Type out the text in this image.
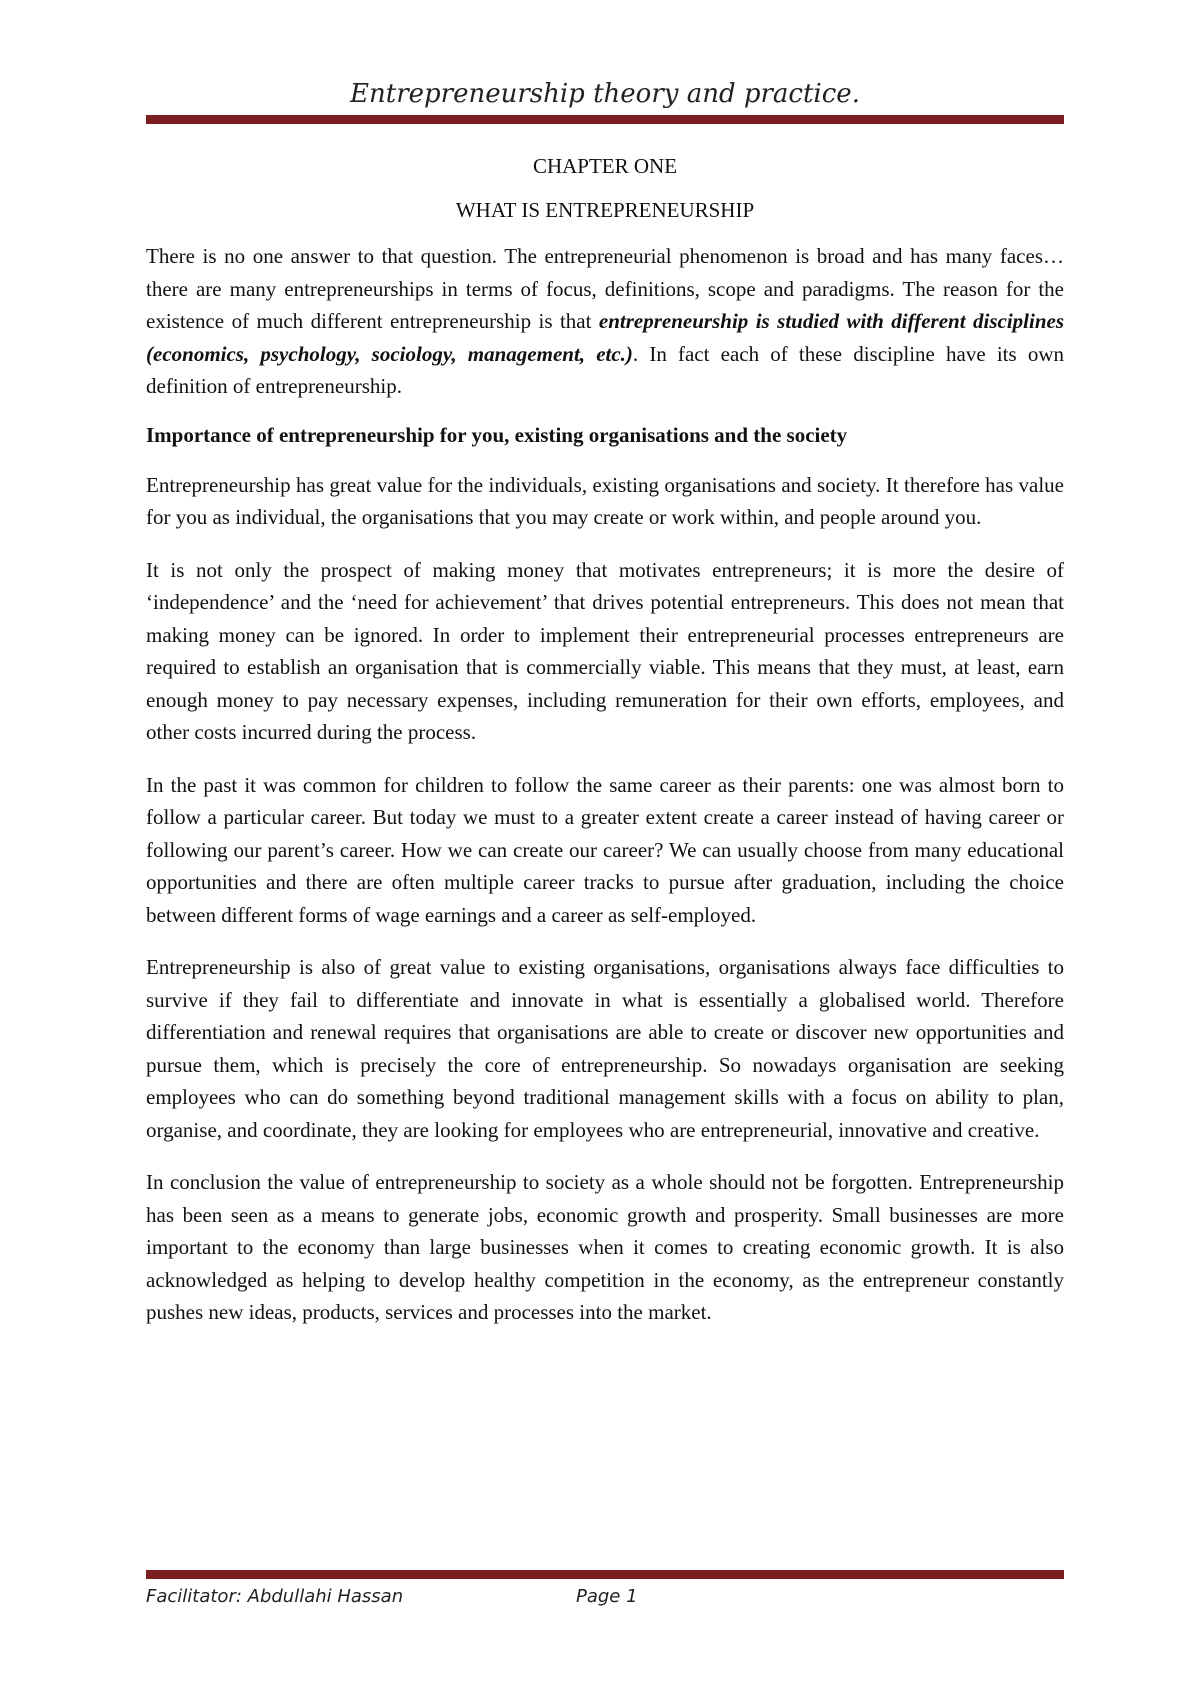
Entrepreneurship theory and practice.
CHAPTER ONE
WHAT IS ENTREPRENEURSHIP

There is no one answer to that question. The entrepreneurial phenomenon is broad and has many faces…there are many entrepreneurships in terms of focus, definitions, scope and paradigms. The reason for the existence of much different entrepreneurship is that entrepreneurship is studied with different disciplines (economics, psychology, sociology, management, etc.). In fact each of these discipline have its own definition of entrepreneurship.

Importance of entrepreneurship for you, existing organisations and the society

Entrepreneurship has great value for the individuals, existing organisations and society. It therefore has value for you as individual, the organisations that you may create or work within, and people around you.

It is not only the prospect of making money that motivates entrepreneurs; it is more the desire of ‘independence’ and the ‘need for achievement’ that drives potential entrepreneurs. This does not mean that making money can be ignored. In order to implement their entrepreneurial processes entrepreneurs are required to establish an organisation that is commercially viable. This means that they must, at least, earn enough money to pay necessary expenses, including remuneration for their own efforts, employees, and other costs incurred during the process.

In the past it was common for children to follow the same career as their parents: one was almost born to follow a particular career. But today we must to a greater extent create a career instead of having career or following our parent’s career. How we can create our career? We can usually choose from many educational opportunities and there are often multiple career tracks to pursue after graduation, including the choice between different forms of wage earnings and a career as self-employed.

Entrepreneurship is also of great value to existing organisations, organisations always face difficulties to survive if they fail to differentiate and innovate in what is essentially a globalised world. Therefore differentiation and renewal requires that organisations are able to create or discover new opportunities and pursue them, which is precisely the core of entrepreneurship. So nowadays organisation are seeking employees who can do something beyond traditional management skills with a focus on ability to plan, organise, and coordinate, they are looking for employees who are entrepreneurial, innovative and creative.

In conclusion the value of entrepreneurship to society as a whole should not be forgotten. Entrepreneurship has been seen as a means to generate jobs, economic growth and prosperity. Small businesses are more important to the economy than large businesses when it comes to creating economic growth. It is also acknowledged as helping to develop healthy competition in the economy, as the entrepreneur constantly pushes new ideas, products, services and processes into the market.

Facilitator: Abdullahi Hassan	Page 1
